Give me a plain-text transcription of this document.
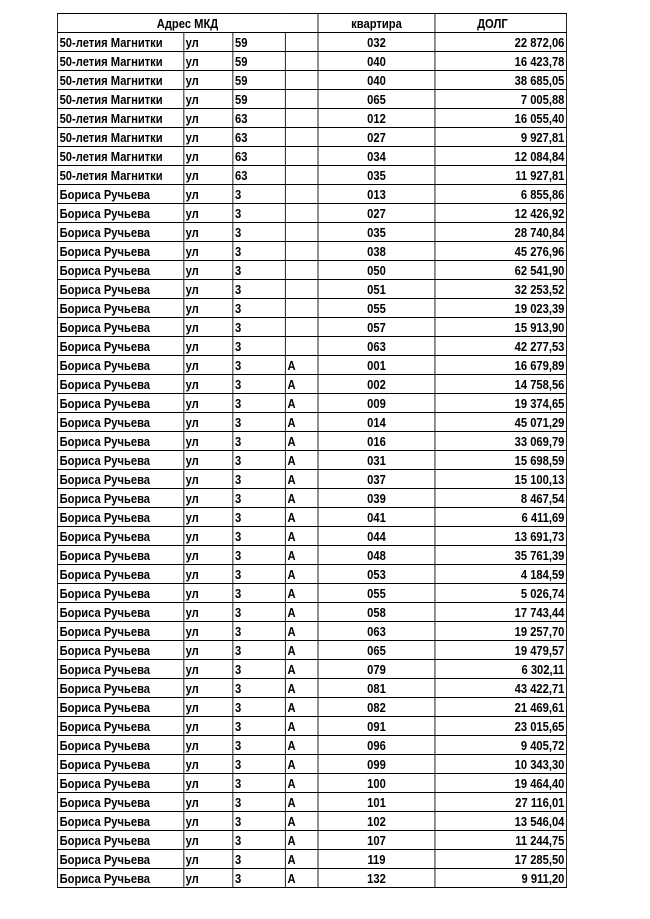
Адрес МКД				квартира	ДОЛГ
50-летия Магнитки	ул	59		032	22 872,06
50-летия Магнитки	ул	59		040	16 423,78
50-летия Магнитки	ул	59		040	38 685,05
50-летия Магнитки	ул	59		065	7 005,88
50-летия Магнитки	ул	63		012	16 055,40
50-летия Магнитки	ул	63		027	9 927,81
50-летия Магнитки	ул	63		034	12 084,84
50-летия Магнитки	ул	63		035	11 927,81
Бориса Ручьева	ул	3		013	6 855,86
Бориса Ручьева	ул	3		027	12 426,92
Бориса Ручьева	ул	3		035	28 740,84
Бориса Ручьева	ул	3		038	45 276,96
Бориса Ручьева	ул	3		050	62 541,90
Бориса Ручьева	ул	3		051	32 253,52
Бориса Ручьева	ул	3		055	19 023,39
Бориса Ручьева	ул	3		057	15 913,90
Бориса Ручьева	ул	3		063	42 277,53
Бориса Ручьева	ул	3	А	001	16 679,89
Бориса Ручьева	ул	3	А	002	14 758,56
Бориса Ручьева	ул	3	А	009	19 374,65
Бориса Ручьева	ул	3	А	014	45 071,29
Бориса Ручьева	ул	3	А	016	33 069,79
Бориса Ручьева	ул	3	А	031	15 698,59
Бориса Ручьева	ул	3	А	037	15 100,13
Бориса Ручьева	ул	3	А	039	8 467,54
Бориса Ручьева	ул	3	А	041	6 411,69
Бориса Ручьева	ул	3	А	044	13 691,73
Бориса Ручьева	ул	3	А	048	35 761,39
Бориса Ручьева	ул	3	А	053	4 184,59
Бориса Ручьева	ул	3	А	055	5 026,74
Бориса Ручьева	ул	3	А	058	17 743,44
Бориса Ручьева	ул	3	А	063	19 257,70
Бориса Ручьева	ул	3	А	065	19 479,57
Бориса Ручьева	ул	3	А	079	6 302,11
Бориса Ручьева	ул	3	А	081	43 422,71
Бориса Ручьева	ул	3	А	082	21 469,61
Бориса Ручьева	ул	3	А	091	23 015,65
Бориса Ручьева	ул	3	А	096	9 405,72
Бориса Ручьева	ул	3	А	099	10 343,30
Бориса Ручьева	ул	3	А	100	19 464,40
Бориса Ручьева	ул	3	А	101	27 116,01
Бориса Ручьева	ул	3	А	102	13 546,04
Бориса Ручьева	ул	3	А	107	11 244,75
Бориса Ручьева	ул	3	А	119	17 285,50
Бориса Ручьева	ул	3	А	132	9 911,20
